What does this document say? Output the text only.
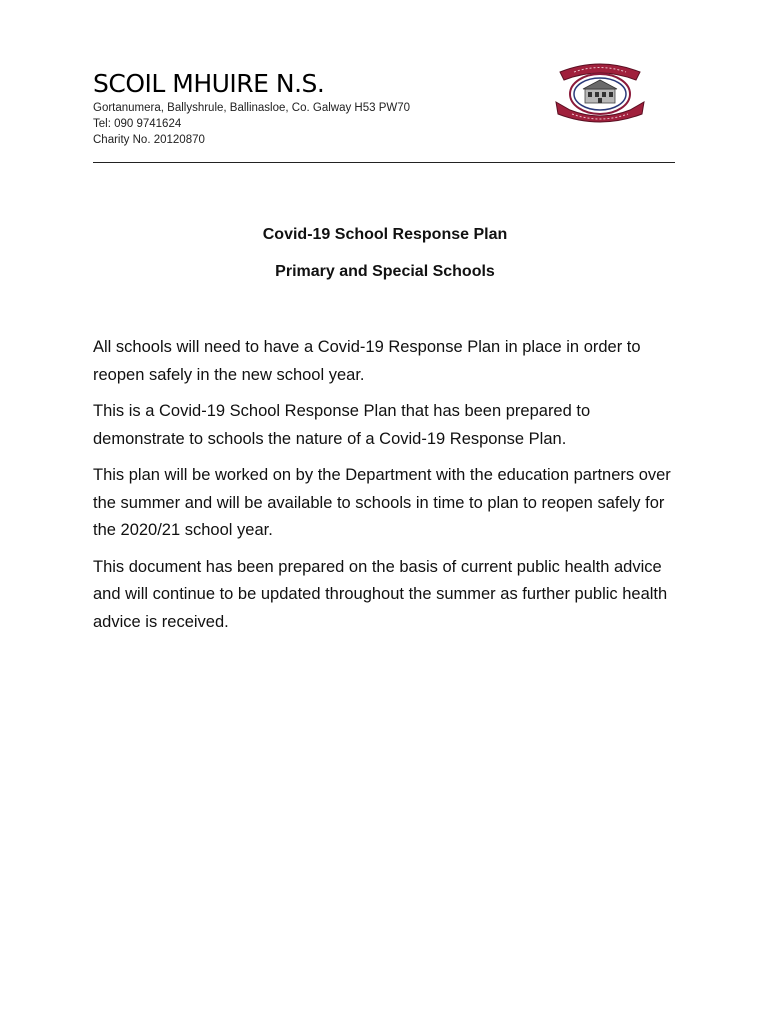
SCOIL MHUIRE N.S.
Gortanumera, Ballyshrule, Ballinasloe, Co. Galway H53 PW70
Tel: 090 9741624
Charity No. 20120870
Covid-19 School Response Plan
Primary and Special Schools

All schools will need to have a Covid-19 Response Plan in place in order to reopen safely in the new school year.

This is a Covid-19 School Response Plan that has been prepared to demonstrate to schools the nature of a Covid-19 Response Plan.

This plan will be worked on by the Department with the education partners over the summer and will be available to schools in time to plan to reopen safely for the 2020/21 school year.

This document has been prepared on the basis of current public health advice and will continue to be updated throughout the summer as further public health advice is received.
